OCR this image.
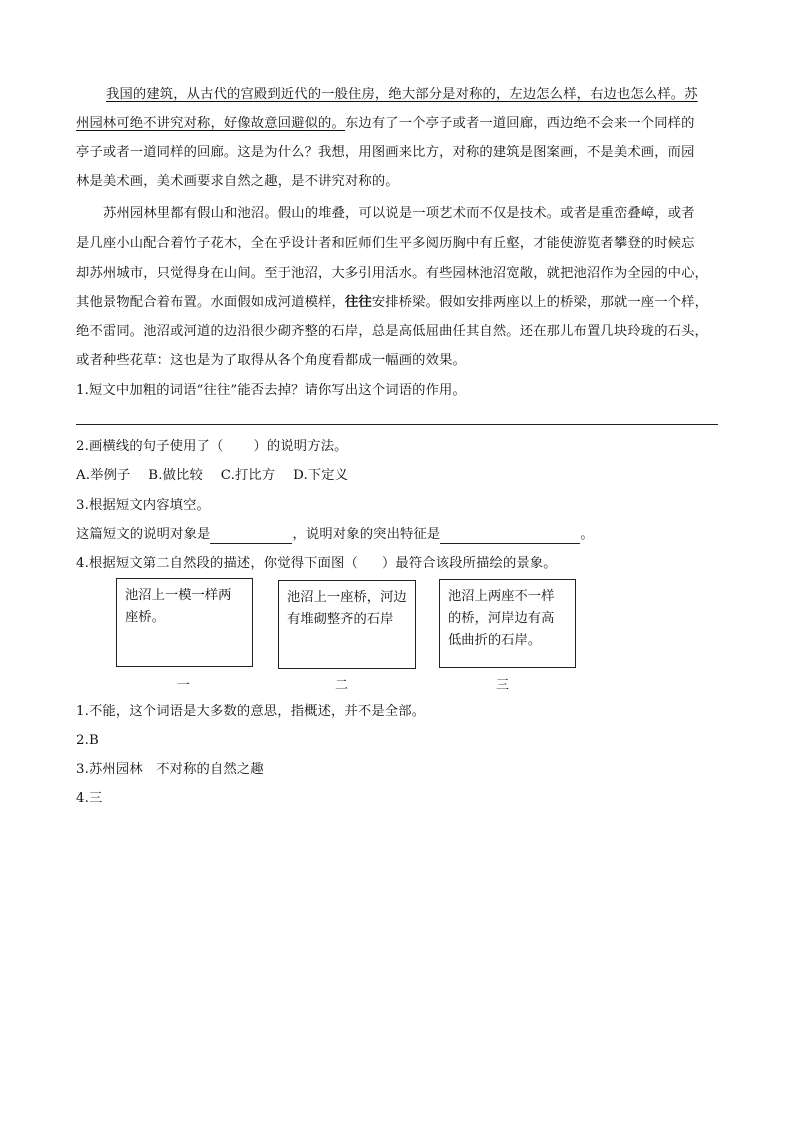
我国的建筑，从古代的宫殿到近代的一般住房，绝大部分是对称的，左边怎么样，右边也怎么样。苏
州园林可绝不讲究对称，好像故意回避似的。东边有了一个亭子或者一道回廊，西边绝不会来一个同样的
亭子或者一道同样的回廊。这是为什么？我想，用图画来比方，对称的建筑是图案画，不是美术画，而园
林是美术画，美术画要求自然之趣，是不讲究对称的。
苏州园林里都有假山和池沼。假山的堆叠，可以说是一项艺术而不仅是技术。或者是重峦叠嶂，或者
是几座小山配合着竹子花木，全在乎设计者和匠师们生平多阅历胸中有丘壑，才能使游览者攀登的时候忘
却苏州城市，只觉得身在山间。至于池沼，大多引用活水。有些园林池沼宽敞，就把池沼作为全园的中心，
其他景物配合着布置。水面假如成河道模样，往往安排桥梁。假如安排两座以上的桥梁，那就一座一个样，
绝不雷同。池沼或河道的边沿很少砌齐整的石岸，总是高低屈曲任其自然。还在那儿布置几块玲珑的石头，
或者种些花草：这也是为了取得从各个角度看都成一幅画的效果。
1.短文中加粗的词语“往往”能否去掉？请你写出这个词语的作用。
2.画横线的句子使用了（ ）的说明方法。
A.举例子　 B.做比较　 C.打比方　 D.下定义
3.根据短文内容填空。
这篇短文的说明对象是	，说明对象的突出特征是	。
4.根据短文第二自然段的描述，你觉得下面图（ ）最符合该段所描绘的景象。
池沼上一模一样两座桥。
池沼上一座桥，河边有堆砌整齐的石岸
池沼上两座不一样的桥，河岸边有高低曲折的石岸。
一	二	三
1.不能，这个词语是大多数的意思，指概述，并不是全部。
2.B
3.苏州园林　不对称的自然之趣
4.三
